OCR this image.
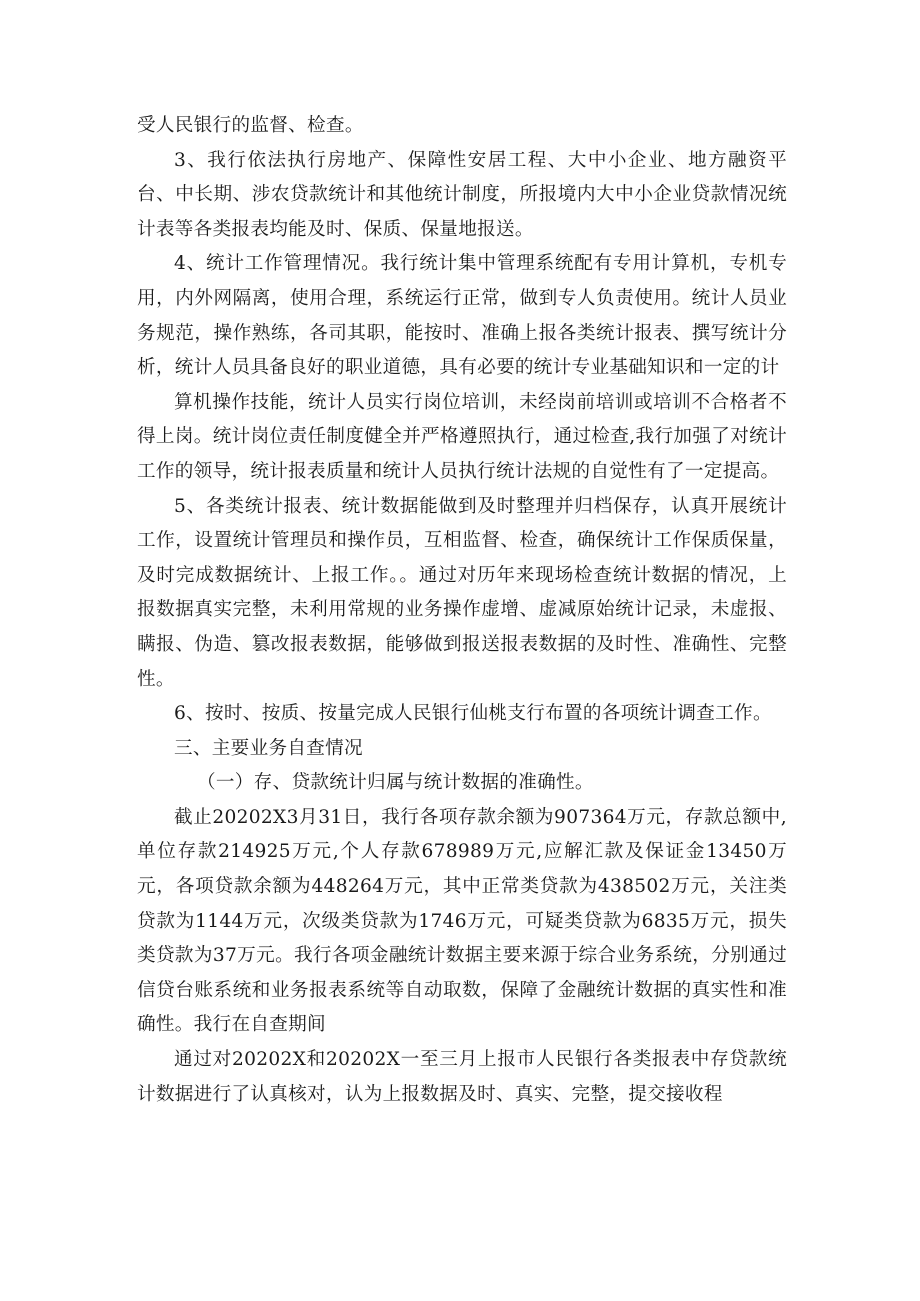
受人民银行的监督、检查。

3、我行依法执行房地产、保障性安居工程、大中小企业、地方融资平台、中长期、涉农贷款统计和其他统计制度，所报境内大中小企业贷款情况统计表等各类报表均能及时、保质、保量地报送。

4、统计工作管理情况。我行统计集中管理系统配有专用计算机，专机专用，内外网隔离，使用合理，系统运行正常，做到专人负责使用。统计人员业务规范，操作熟练，各司其职，能按时、准确上报各类统计报表、撰写统计分析，统计人员具备良好的职业道德，具有必要的统计专业基础知识和一定的计

算机操作技能，统计人员实行岗位培训，未经岗前培训或培训不合格者不得上岗。统计岗位责任制度健全并严格遵照执行，通过检查,我行加强了对统计工作的领导，统计报表质量和统计人员执行统计法规的自觉性有了一定提高。

5、各类统计报表、统计数据能做到及时整理并归档保存，认真开展统计工作，设置统计管理员和操作员，互相监督、检查，确保统计工作保质保量，及时完成数据统计、上报工作。。通过对历年来现场检查统计数据的情况，上报数据真实完整，未利用常规的业务操作虚增、虚减原始统计记录，未虚报、瞒报、伪造、篡改报表数据，能够做到报送报表数据的及时性、准确性、完整性。

6、按时、按质、按量完成人民银行仙桃支行布置的各项统计调查工作。

三、主要业务自查情况

（一）存、贷款统计归属与统计数据的准确性。

截止20202X3月31日，我行各项存款余额为907364万元，存款总额中,单位存款214925万元,个人存款678989万元,应解汇款及保证金13450万元，各项贷款余额为448264万元，其中正常类贷款为438502万元，关注类贷款为1144万元，次级类贷款为1746万元，可疑类贷款为6835万元，损失类贷款为37万元。我行各项金融统计数据主要来源于综合业务系统，分别通过信贷台账系统和业务报表系统等自动取数，保障了金融统计数据的真实性和准确性。我行在自查期间

通过对20202X和20202X一至三月上报市人民银行各类报表中存贷款统计数据进行了认真核对，认为上报数据及时、真实、完整，提交接收程
